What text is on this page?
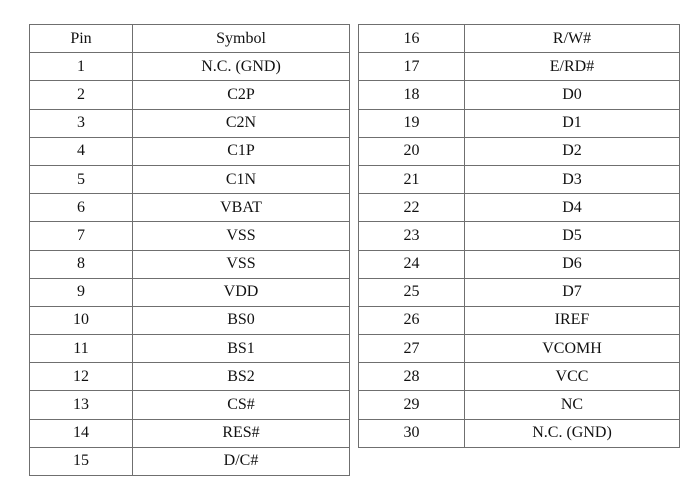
Pin	Symbol
1	N.C. (GND)
2	C2P
3	C2N
4	C1P
5	C1N
6	VBAT
7	VSS
8	VSS
9	VDD
10	BS0
11	BS1
12	BS2
13	CS#
14	RES#
15	D/C#
16	R/W#
17	E/RD#
18	D0
19	D1
20	D2
21	D3
22	D4
23	D5
24	D6
25	D7
26	IREF
27	VCOMH
28	VCC
29	NC
30	N.C. (GND)
